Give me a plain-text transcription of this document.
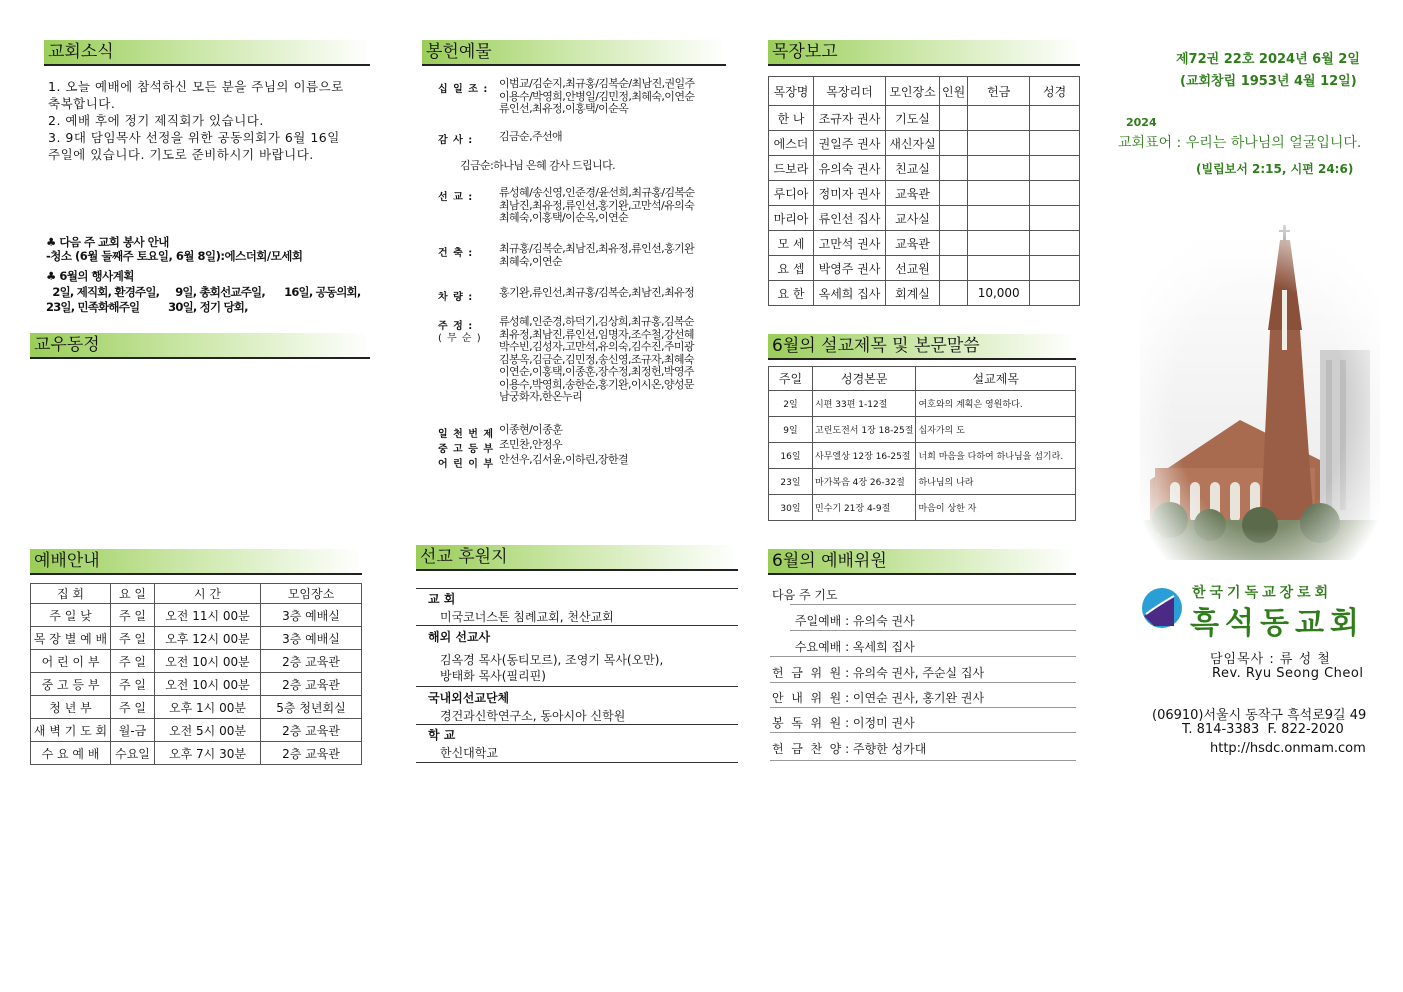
교회소식
1. 오늘 예배에 참석하신 모든 분을 주님의 이름으로
축복합니다.
2. 예배 후에 정기 제직회가 있습니다.
3. 9대 담임목사 선정을 위한 공동의회가 6월 16일
주일에 있습니다. 기도로 준비하시기 바랍니다.
♣ 다음 주 교회 봉사 안내
-청소 (6월 둘째주 토요일, 6월 8일):에스더회/모세회
♣ 6월의 행사계획
2일, 제직회, 환경주일,     9일, 총회선교주일,      16일, 공동의회,
23일, 민족화해주일         30일, 정기 당회,
교우동정
예배안내
집 회	요 일	시 간	모임장소
주 일 낮	주 일	오전 11시 00분	3층 예배실
목 장 별 예 배	주 일	오후 12시 00분	3층 예배실
어 린 이 부	주 일	오전 10시 00분	2층 교육관
중 고 등 부	주 일	오전 10시 00분	2층 교육관
청 년 부	주 일	오후 1시 00분	5층 청년회실
새 벽 기 도 회	월-금	오전 5시 00분	2층 교육관
수 요 예 배	수요일	오후 7시 30분	2층 교육관
봉헌예물
십 일 조 : 이범교/김순지,최규홍/김복순/최남진,권일주
이용수/박영희,안병일/김민정,최혜숙,이연순
류인선,최유정,이홍택/이순옥
감 사 : 김금순,주선애
김금순:하나님 은혜 감사 드립니다.
선 교 : 류성혜/송신영,인준경/윤선희,최규홍/김복순
최남진,최유정,류인선,홍기완,고만석/유의숙
최혜숙,이홍택/이순옥,이연순
건 축 : 최규홍/김복순,최남진,최유정,류인선,홍기완
최혜숙,이연순
차 량 : 홍기완,류인선,최규홍/김복순,최남진,최유정
주 정 :
( 무 순 )
류성혜,인준경,하덕기,김상희,최규홍,김복순
최유정,최남진,류인선,임명자,조수철,강선혜
박수빈,김성자,고만석,유의숙,김수진,주미광
김봉옥,김금순,김민정,송신영,조규자,최혜숙
이연순,이홍택,이종훈,장수정,최정헌,박영주
이용수,박영희,송한순,홍기완,이시온,양성문
남궁화자,한온누리
일 천 번 제 이종현/이종훈
중 고 등 부 조민찬,안정우
어 린 이 부 안선우,김서윤,이하린,장한결
선교 후원지
교 회
미국코너스톤 침례교회, 천산교회
해외 선교사
김옥경 목사(동티모르), 조영기 목사(오만),
방태화 목사(필리핀)
국내외선교단체
경건과신학연구소, 동아시아 신학원
학 교
한신대학교
목장보고
목장명	목장리더	모인장소	인원	헌금	성경
한 나	조규자 권사	기도실			
에스더	권일주 권사	새신자실			
드보라	유의숙 권사	친교실			
루디아	정미자 권사	교육관			
마리아	류인선 집사	교사실			
모 세	고만석 권사	교육관			
요 셉	박영주 권사	선교원			
요 한	옥세희 집사	회계실		10,000	
6월의 설교제목 및 본문말씀
주일	성경본문	설교제목
2일	시편 33편 1-12절	여호와의 계획은 영원하다.
9일	고린도전서 1장 18-25절	십자가의 도
16일	사무엘상 12장 16-25절	너희 마음을 다하여 하나님을 섬기라.
23일	마가복음 4장 26-32절	하나님의 나라
30일	민수기 21장 4-9절	마음이 상한 자
6월의 예배위원
다음 주 기도
주일예배 : 유의숙 권사
수요예배 : 옥세희 집사
헌  금  위  원 : 유의숙 권사, 주순실 집사
안  내  위  원 : 이연순 권사, 홍기완 권사
봉  독  위  원 : 이정미 권사
헌  금  찬  양 : 주향한 성가대
제72권 22호 2024년 6월 2일
(교회창립 1953년 4월 12일)
2024
교회표어 : 우리는 하나님의 얼굴입니다.
(빌립보서 2:15, 시편 24:6)
한국기독교장로회
흑석동교회
담임목사 : 류 성 철
Rev. Ryu Seong Cheol
(06910)서울시 동작구 흑석로9길 49
T. 814-3383  F. 822-2020
http://hsdc.onmam.com
